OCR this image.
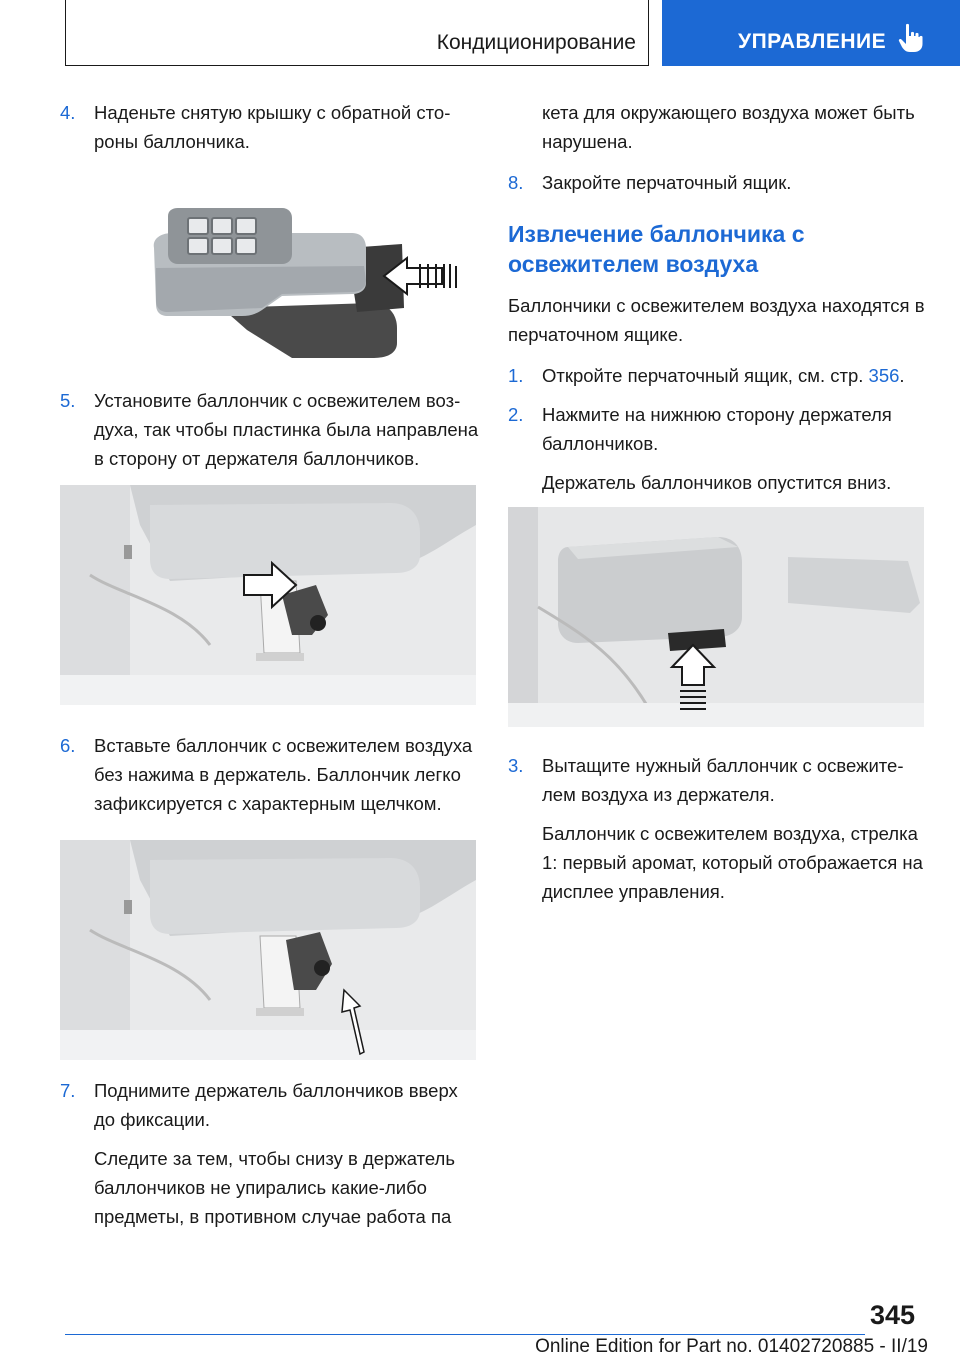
Кондиционирование	УПРАВЛЕНИЕ
4. Наденьте снятую крышку с обратной стороны баллончика.

5. Установите баллончик с освежителем воздуха, так чтобы пластинка была направлена в сторону от держателя баллончиков.

6. Вставьте баллончик с освежителем воздуха без нажима в держатель. Баллончик легко зафиксируется с характерным щелчком.

7. Поднимите держатель баллончиков вверх до фиксации.

Следите за тем, чтобы снизу в держатель баллончиков не упирались какие-либо предметы, в противном случае работа па

кета для окружающего воздуха может быть нарушена.
8. Закройте перчаточный ящик.

Извлечение баллончика с освежителем воздуха
Баллончики с освежителем воздуха находятся в перчаточном ящике.
1. Откройте перчаточный ящик, см. стр. 356.

2. Нажмите на нижнюю сторону держателя баллончиков.

Держатель баллончиков опустится вниз.

3. Вытащите нужный баллончик с освежителем воздуха из держателя.

Баллончик с освежителем воздуха, стрелка 1: первый аромат, который отображается на дисплее управления.

345
Online Edition for Part no. 01402720885 - II/19
